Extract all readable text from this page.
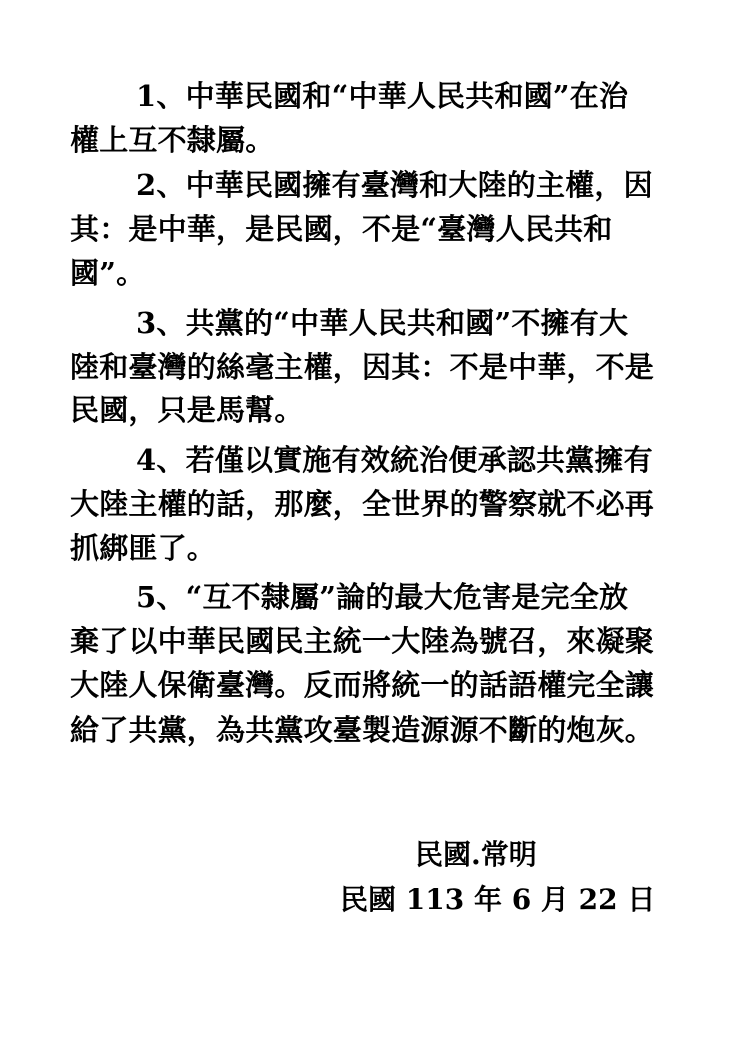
1、中華民國和“中華人民共和國”在治
權上互不隸屬。
2、中華民國擁有臺灣和大陸的主權，因
其：是中華，是民國，不是“臺灣人民共和
國”。
3、共黨的“中華人民共和國”不擁有大
陸和臺灣的絲毫主權，因其：不是中華，不是
民國，只是馬幫。
4、若僅以實施有效統治便承認共黨擁有
大陸主權的話，那麼，全世界的警察就不必再
抓綁匪了。
5、“互不隸屬”論的最大危害是完全放
棄了以中華民國民主統一大陸為號召，來凝聚
大陸人保衛臺灣。反而將統一的話語權完全讓
給了共黨，為共黨攻臺製造源源不斷的炮灰。
民國.常明
民國 113 年 6 月 22 日
